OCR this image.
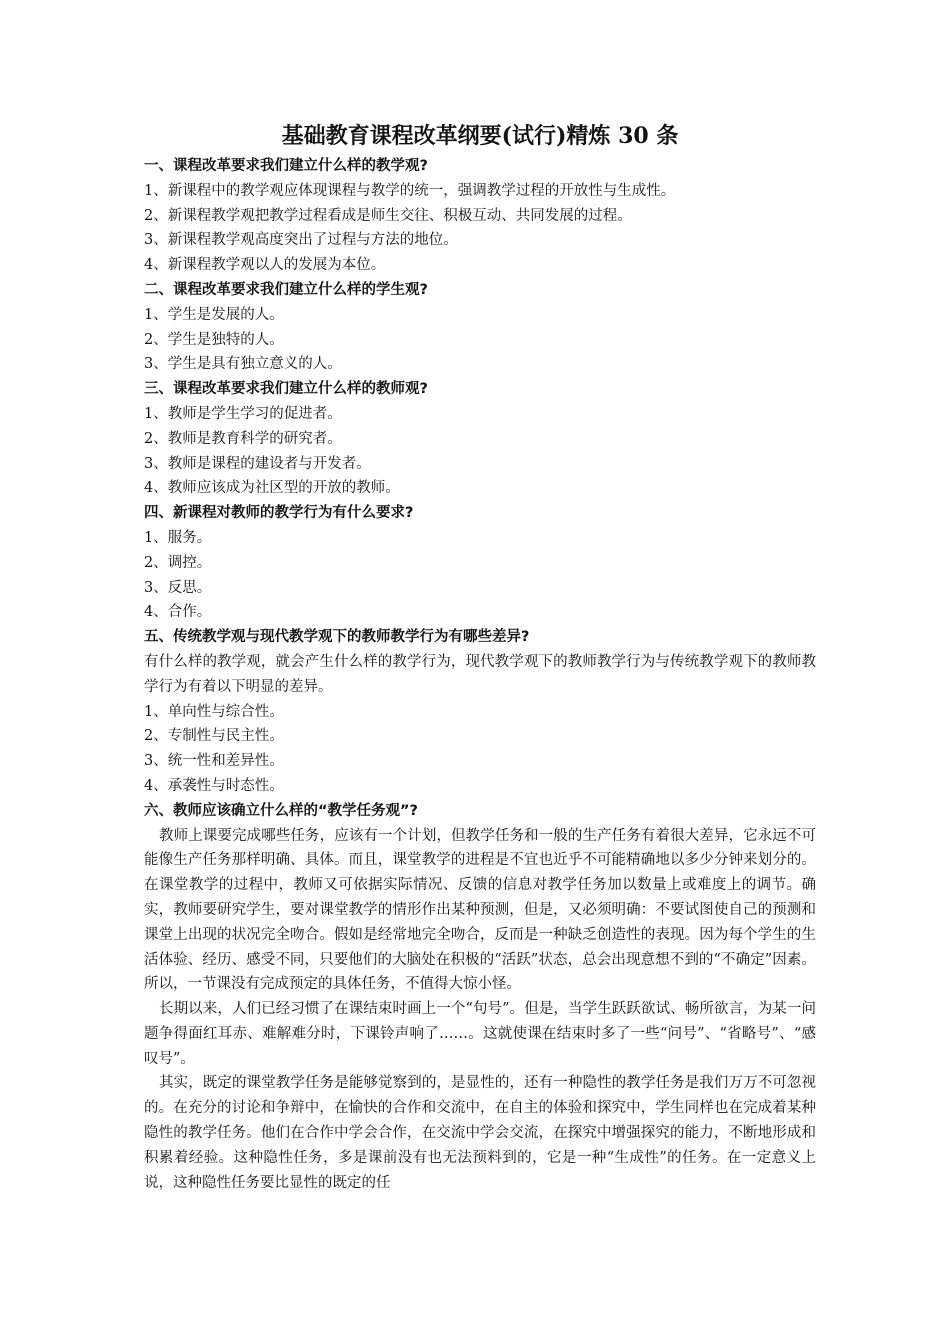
基础教育课程改革纲要(试行)精炼 30 条

一、课程改革要求我们建立什么样的教学观?

1、新课程中的教学观应体现课程与教学的统一，强调教学过程的开放性与生成性。

2、新课程教学观把教学过程看成是师生交往、积极互动、共同发展的过程。

3、新课程教学观高度突出了过程与方法的地位。

4、新课程教学观以人的发展为本位。

二、课程改革要求我们建立什么样的学生观?

1、学生是发展的人。

2、学生是独特的人。

3、学生是具有独立意义的人。

三、课程改革要求我们建立什么样的教师观?

1、教师是学生学习的促进者。

2、教师是教育科学的研究者。

3、教师是课程的建设者与开发者。

4、教师应该成为社区型的开放的教师。

四、新课程对教师的教学行为有什么要求?

1、服务。

2、调控。

3、反思。

4、合作。

五、传统教学观与现代教学观下的教师教学行为有哪些差异?

有什么样的教学观，就会产生什么样的教学行为，现代教学观下的教师教学行为与传统教学观下的教师教学行为有着以下明显的差异。

1、单向性与综合性。

2、专制性与民主性。

3、统一性和差异性。

4、承袭性与时态性。

六、教师应该确立什么样的“教学任务观”?

教师上课要完成哪些任务，应该有一个计划，但教学任务和一般的生产任务有着很大差异，它永远不可能像生产任务那样明确、具体。而且，课堂教学的进程是不宜也近乎不可能精确地以多少分钟来划分的。在课堂教学的过程中，教师又可依据实际情况、反馈的信息对教学任务加以数量上或难度上的调节。确实，教师要研究学生，要对课堂教学的情形作出某种预测，但是，又必须明确：不要试图使自己的预测和课堂上出现的状况完全吻合。假如是经常地完全吻合，反而是一种缺乏创造性的表现。因为每个学生的生活体验、经历、感受不同，只要他们的大脑处在积极的“活跃”状态，总会出现意想不到的“不确定”因素。所以，一节课没有完成预定的具体任务，不值得大惊小怪。

长期以来，人们已经习惯了在课结束时画上一个“句号”。但是，当学生跃跃欲试、畅所欲言，为某一问题争得面红耳赤、难解难分时，下课铃声响了……。这就使课在结束时多了一些“问号”、“省略号”、“感叹号”。

其实，既定的课堂教学任务是能够觉察到的，是显性的，还有一种隐性的教学任务是我们万万不可忽视的。在充分的讨论和争辩中，在愉快的合作和交流中，在自主的体验和探究中，学生同样也在完成着某种隐性的教学任务。他们在合作中学会合作，在交流中学会交流，在探究中增强探究的能力，不断地形成和积累着经验。这种隐性任务，多是课前没有也无法预料到的，它是一种“生成性”的任务。在一定意义上说，这种隐性任务要比显性的既定的任
